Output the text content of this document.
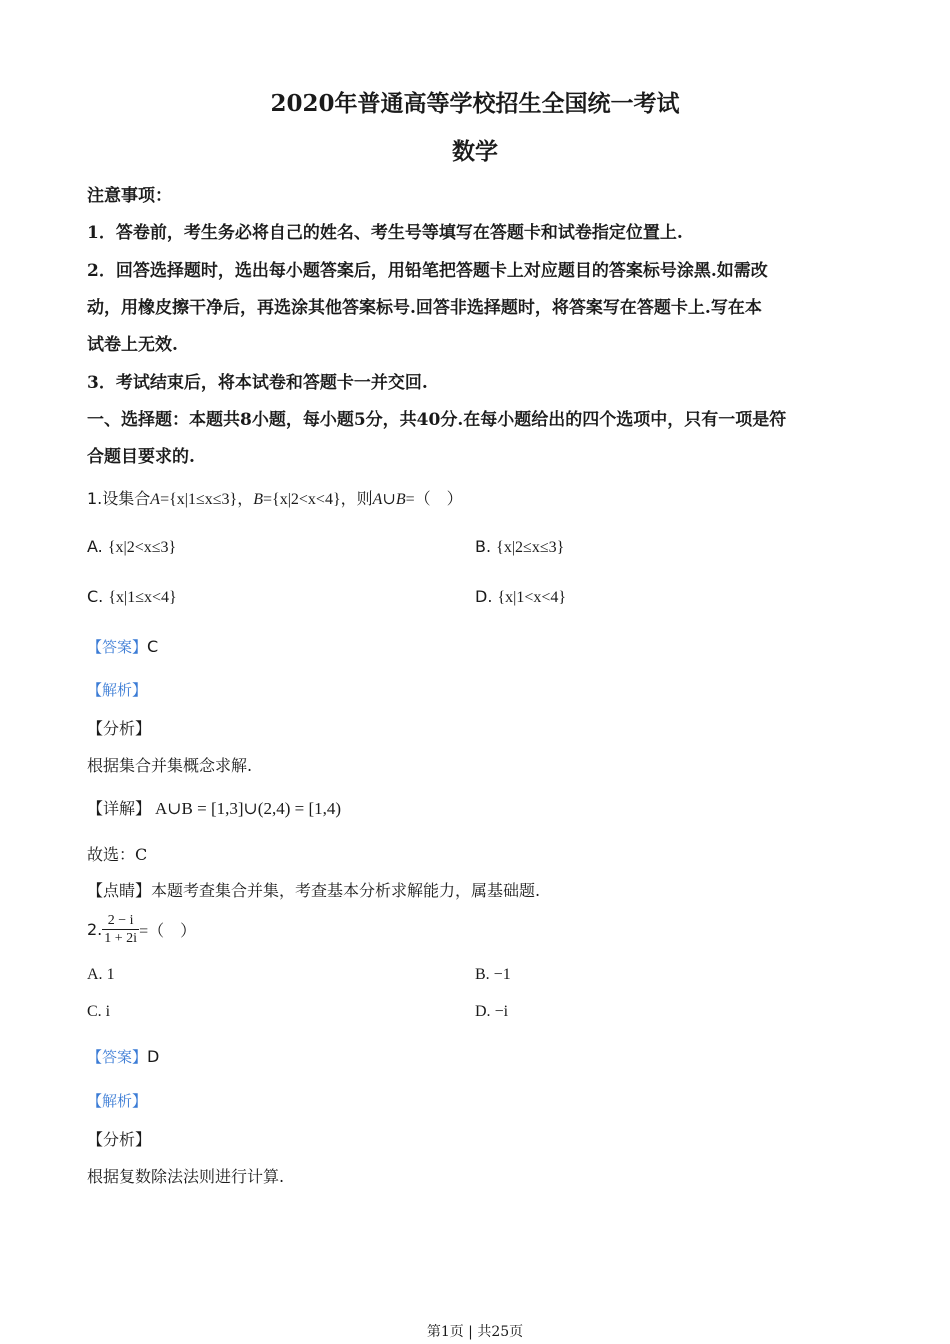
2020年普通高等学校招生全国统一考试
数学
注意事项：
1．答卷前，考生务必将自己的姓名、考生号等填写在答题卡和试卷指定位置上.
2．回答选择题时，选出每小题答案后，用铅笔把答题卡上对应题目的答案标号涂黑.如需改
动，用橡皮擦干净后，再选涂其他答案标号.回答非选择题时，将答案写在答题卡上.写在本
试卷上无效.
3．考试结束后，将本试卷和答题卡一并交回.
一、选择题：本题共8小题，每小题5分，共40分.在每小题给出的四个选项中，只有一项是符
合题目要求的.
1.设集合A={x|1≤x≤3}，B={x|2<x<4}，则A∪B=（　）
A. {x|2<x≤3}	B. {x|2≤x≤3}
C. {x|1≤x<4}	D. {x|1<x<4}
【答案】C
【解析】
【分析】
根据集合并集概念求解.
【详解】 A∪B = [1,3]∪(2,4) = [1,4)
故选：C
【点睛】本题考查集合并集，考查基本分析求解能力，属基础题.
2. $\frac{2 - i}{1 + 2i}$ =（　）
A. 1	B. −1
C. i	D. −i
【答案】D
【解析】
【分析】
根据复数除法法则进行计算.
第1页 | 共25页
